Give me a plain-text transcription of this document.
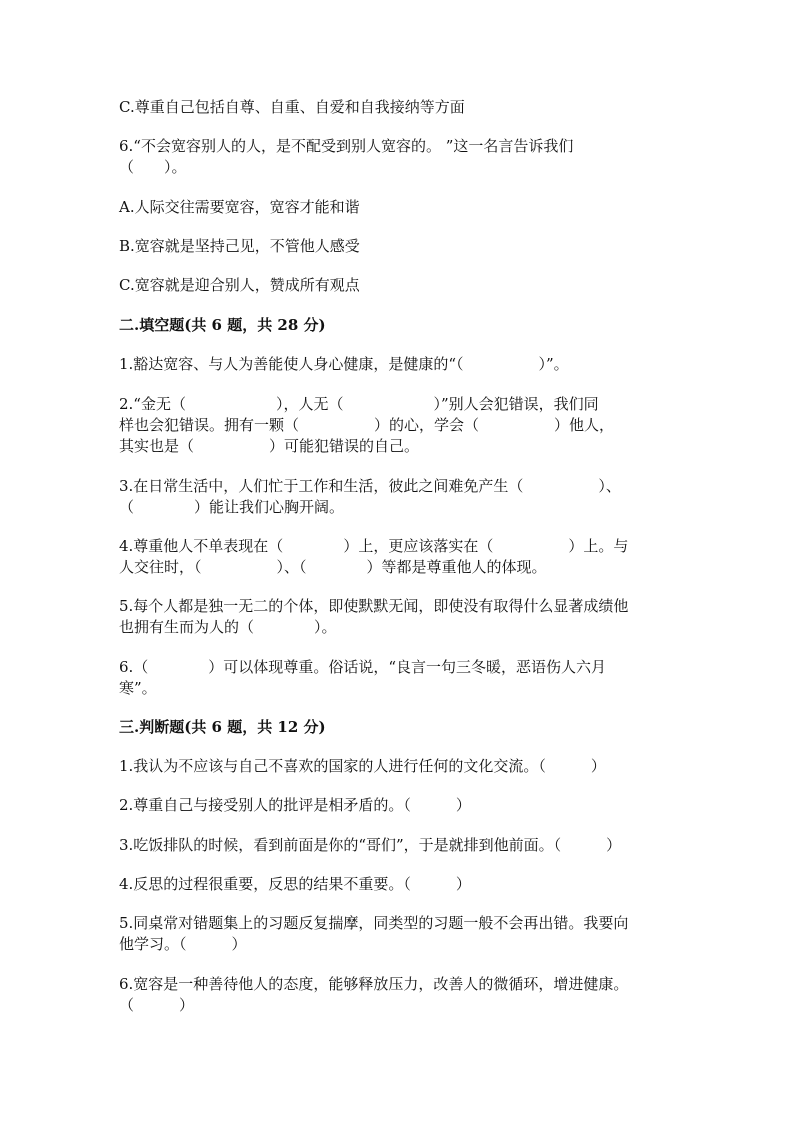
C.尊重自己包括自尊、自重、自爱和自我接纳等方面
6.“不会宽容别人的人，是不配受到别人宽容的。 ”这一名言告诉我们
（　　）。
A.人际交往需要宽容，宽容才能和谐
B.宽容就是坚持己见，不管他人感受
C.宽容就是迎合别人，赞成所有观点
二.填空题(共 6 题，共 28 分)
1.豁达宽容、与人为善能使人身心健康，是健康的“（　　　　　）”。
2.“金无（　　　　　　），人无（　　　　　　）”别人会犯错误，我们同
样也会犯错误。拥有一颗（　　　　　）的心，学会（　　　　　）他人，
其实也是（　　　　　）可能犯错误的自己。
3.在日常生活中，人们忙于工作和生活，彼此之间难免产生（　　　　　）、
（　　　　）能让我们心胸开阔。
4.尊重他人不单表现在（　　　　）上，更应该落实在（　　　　　）上。与
人交往时，（　　　　　）、（　　　　）等都是尊重他人的体现。
5.每个人都是独一无二的个体，即使默默无闻，即使没有取得什么显著成绩他
也拥有生而为人的（　　　　）。
6.（　　　　）可以体现尊重。俗话说，“良言一句三冬暖，恶语伤人六月
寒”。
三.判断题(共 6 题，共 12 分)
1.我认为不应该与自己不喜欢的国家的人进行任何的文化交流。（　　　）
2.尊重自己与接受别人的批评是相矛盾的。（　　　）
3.吃饭排队的时候，看到前面是你的“哥们”，于是就排到他前面。（　　　）
4.反思的过程很重要，反思的结果不重要。（　　　）
5.同桌常对错题集上的习题反复揣摩，同类型的习题一般不会再出错。我要向
他学习。（　　　）
6.宽容是一种善待他人的态度，能够释放压力，改善人的微循环，增进健康。
（　　　）
